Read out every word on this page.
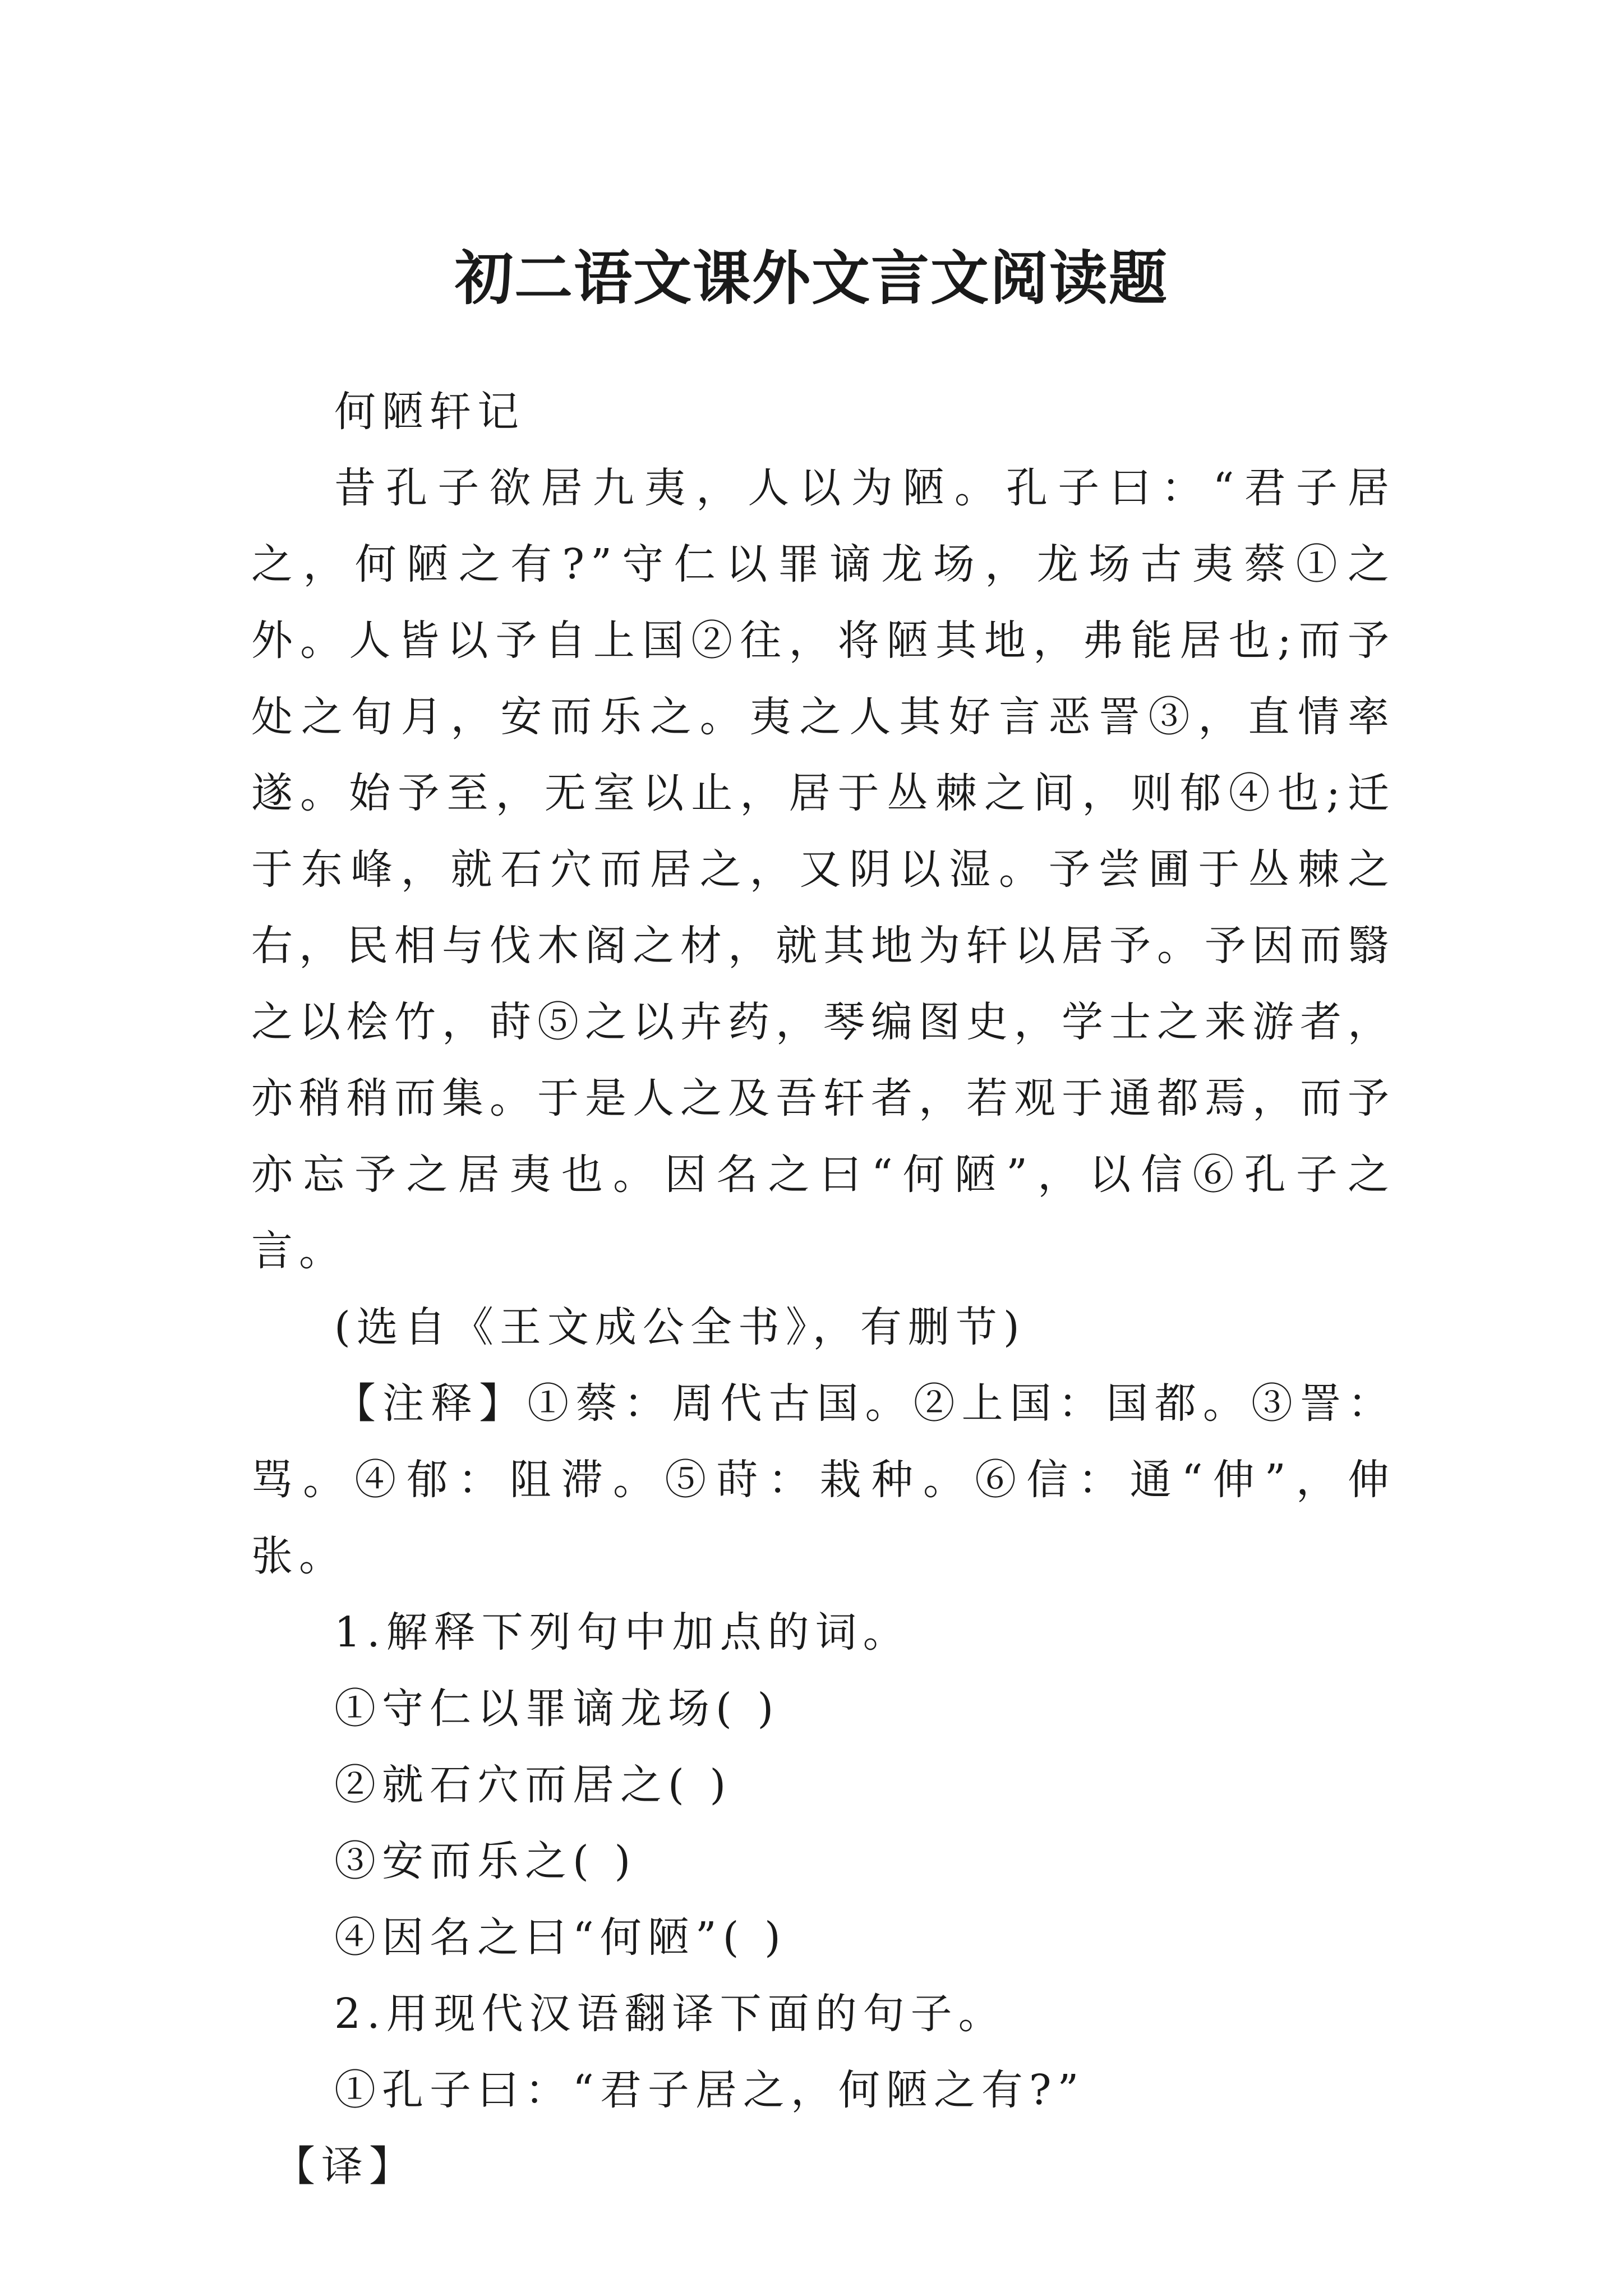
初二语文课外文言文阅读题

何陋轩记

昔孔子欲居九夷，人以为陋。孔子曰：“君子居之，何陋之有?”守仁以罪谪龙场，龙场古夷蔡①之外。人皆以予自上国②往，将陋其地，弗能居也;而予处之旬月，安而乐之。夷之人其好言恶詈③，直情率遂。始予至，无室以止，居于丛棘之间，则郁④也;迁于东峰，就石穴而居之，又阴以湿。予尝圃于丛棘之右，民相与伐木阁之材，就其地为轩以居予。予因而翳之以桧竹，莳⑤之以卉药，琴编图史，学士之来游者，亦稍稍而集。于是人之及吾轩者，若观于通都焉，而予亦忘予之居夷也。因名之曰“何陋”，以信⑥孔子之言。

(选自《王文成公全书》，有删节)

【注释】①蔡：周代古国。②上国：国都。③詈：骂。④郁：阻滞。⑤莳：栽种。⑥信：通“伸”，伸张。

1.解释下列句中加点的词。

①守仁以罪谪龙场( )

②就石穴而居之( )

③安而乐之( )

④因名之曰“何陋”( )

2.用现代汉语翻译下面的句子。

①孔子曰：“君子居之，何陋之有?”

【译】
